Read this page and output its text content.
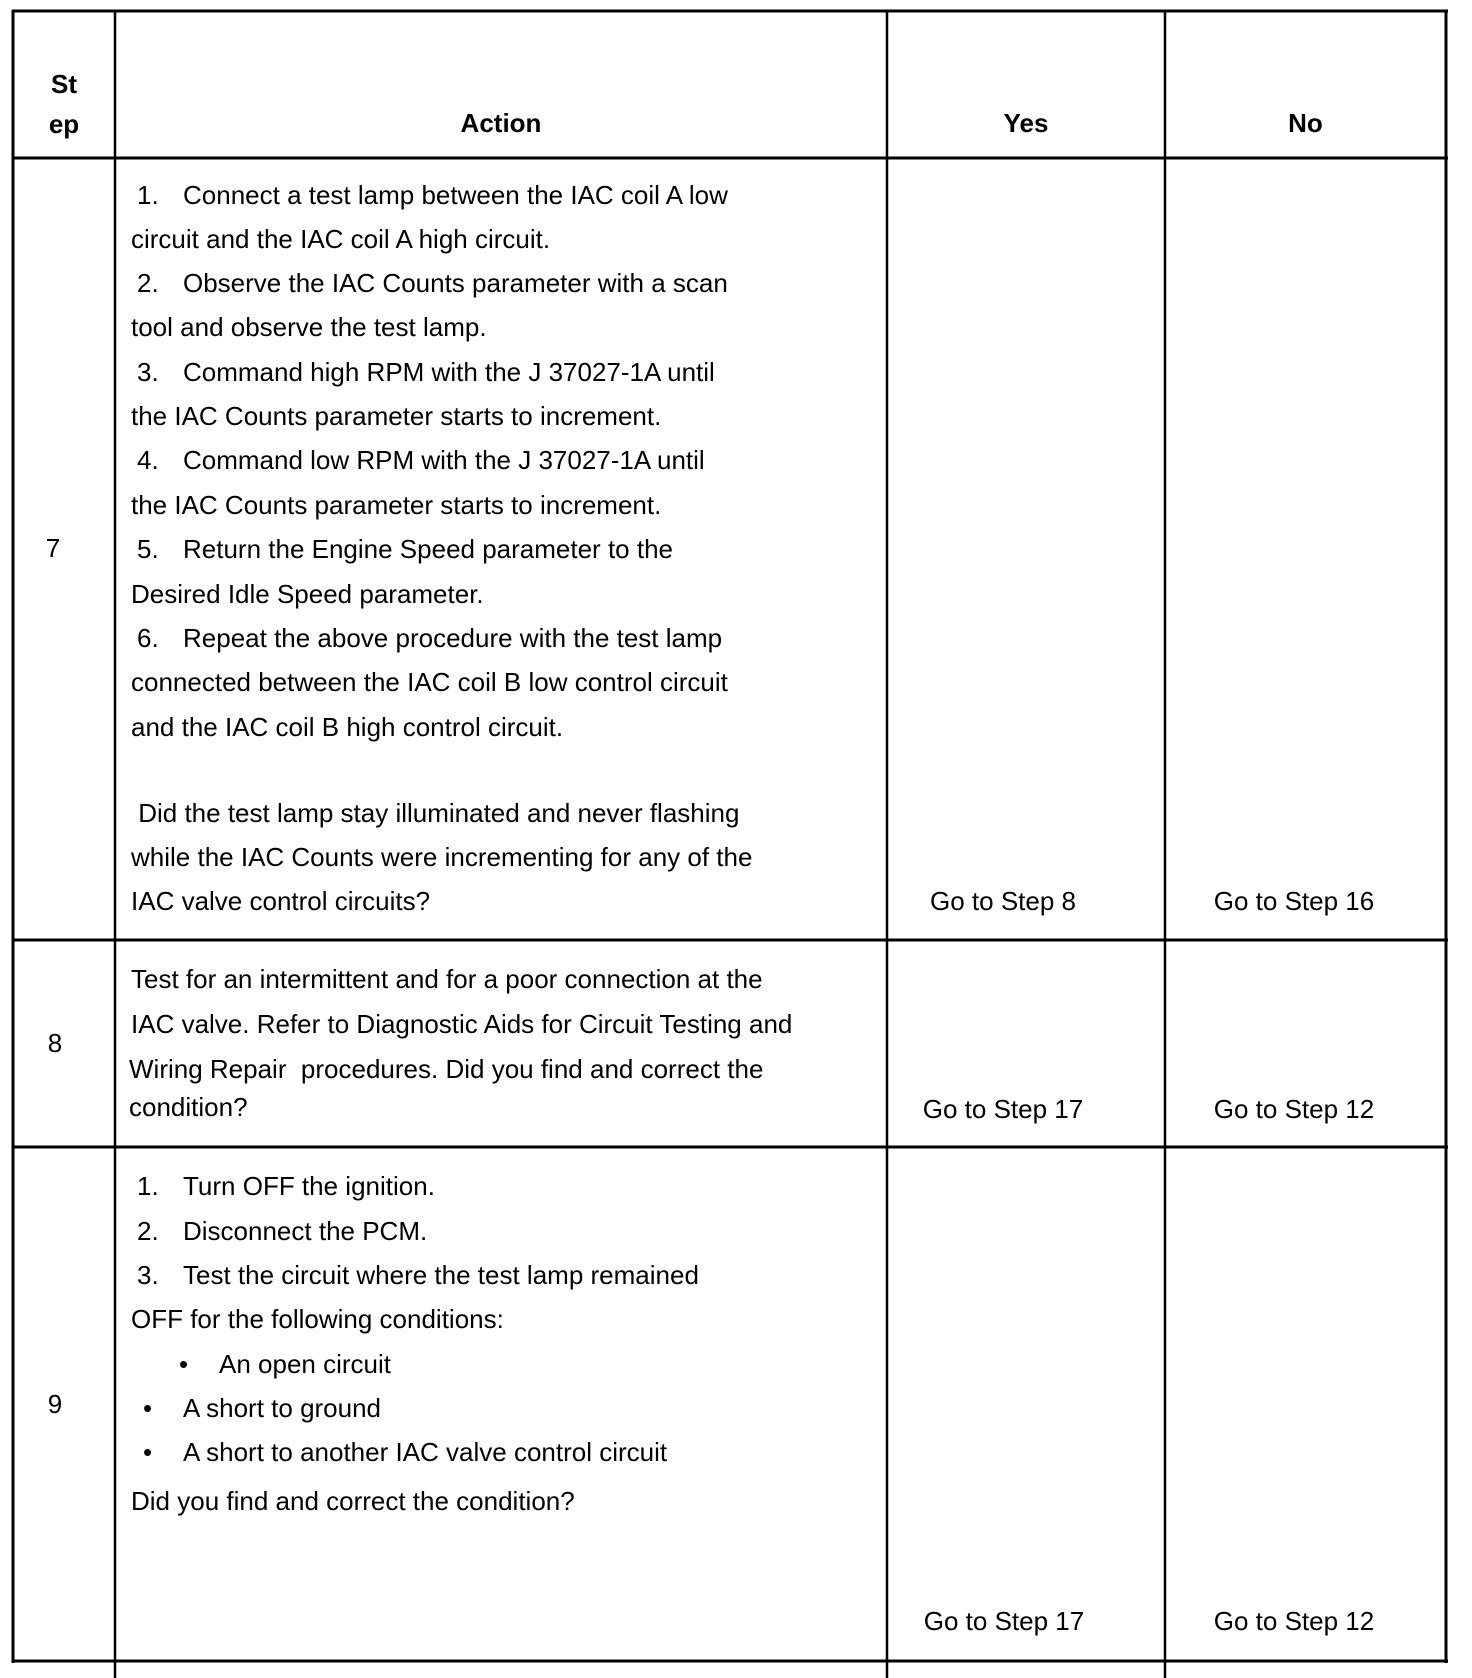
St
ep	Action	Yes	No
7
1. Connect a test lamp between the IAC coil A low
circuit and the IAC coil A high circuit.
2. Observe the IAC Counts parameter with a scan
tool and observe the test lamp.
3. Command high RPM with the J 37027-1A until
the IAC Counts parameter starts to increment.
4. Command low RPM with the J 37027-1A until
the IAC Counts parameter starts to increment.
5. Return the Engine Speed parameter to the
Desired Idle Speed parameter.
6. Repeat the above procedure with the test lamp
connected between the IAC coil B low control circuit
and the IAC coil B high control circuit.
Did the test lamp stay illuminated and never flashing
while the IAC Counts were incrementing for any of the
IAC valve control circuits?	Go to Step 8	Go to Step 16
8
Test for an intermittent and for a poor connection at the
IAC valve. Refer to Diagnostic Aids for Circuit Testing and
Wiring Repair  procedures. Did you find and correct the
condition?	Go to Step 17	Go to Step 12
9
1. Turn OFF the ignition.
2. Disconnect the PCM.
3. Test the circuit where the test lamp remained
OFF for the following conditions:
• An open circuit
• A short to ground
• A short to another IAC valve control circuit
Did you find and correct the condition?
Go to Step 17	Go to Step 12
